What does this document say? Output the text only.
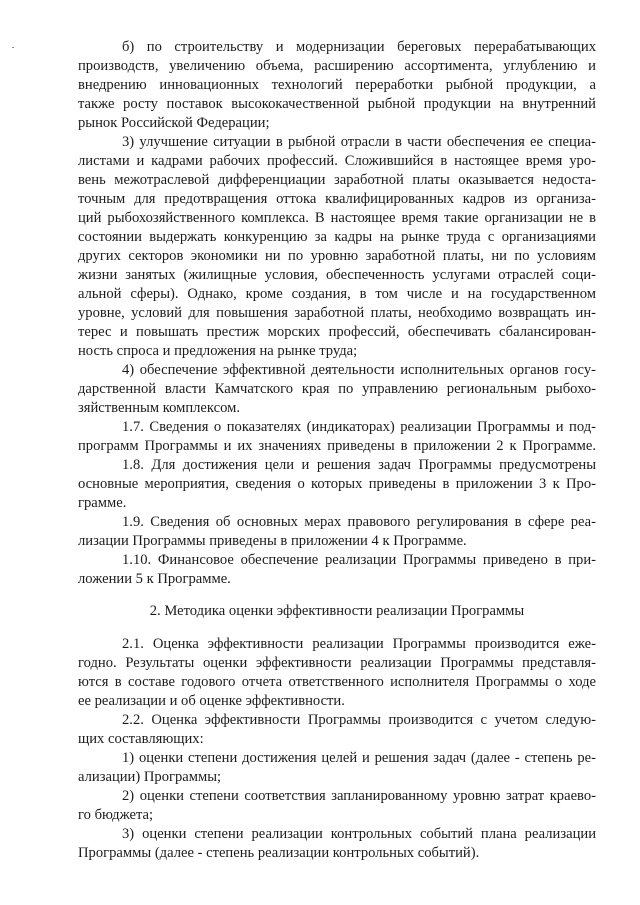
б) по строительству и модернизации береговых перерабатывающих
производств, увеличению объема, расширению ассортимента, углублению и
внедрению инновационных технологий переработки рыбной продукции, а
также росту поставок высококачественной рыбной продукции на внутренний
рынок Российской Федерации;
3) улучшение ситуации в рыбной отрасли в части обеспечения ее специа-
листами и кадрами рабочих профессий. Сложившийся в настоящее время уро-
вень межотраслевой дифференциации заработной платы оказывается недоста-
точным для предотвращения оттока квалифицированных кадров из организа-
ций рыбохозяйственного комплекса. В настоящее время такие организации не в
состоянии выдержать конкуренцию за кадры на рынке труда с организациями
других секторов экономики ни по уровню заработной платы, ни по условиям
жизни занятых (жилищные условия, обеспеченность услугами отраслей соци-
альной сферы). Однако, кроме создания, в том числе и на государственном
уровне, условий для повышения заработной платы, необходимо возвращать ин-
терес и повышать престиж морских профессий, обеспечивать сбалансирован-
ность спроса и предложения на рынке труда;
4) обеспечение эффективной деятельности исполнительных органов госу-
дарственной власти Камчатского края по управлению региональным рыбохо-
зяйственным комплексом.
1.7. Сведения о показателях (индикаторах) реализации Программы и под-
программ Программы и их значениях приведены в приложении 2 к Программе.
1.8. Для достижения цели и решения задач Программы предусмотрены
основные мероприятия, сведения о которых приведены в приложении 3 к Про-
грамме.
1.9. Сведения об основных мерах правового регулирования в сфере реа-
лизации Программы приведены в приложении 4 к Программе.
1.10. Финансовое обеспечение реализации Программы приведено в при-
ложении 5 к Программе.
2. Методика оценки эффективности реализации Программы
2.1. Оценка эффективности реализации Программы производится еже-
годно. Результаты оценки эффективности реализации Программы представля-
ются в составе годового отчета ответственного исполнителя Программы о ходе
ее реализации и об оценке эффективности.
2.2. Оценка эффективности Программы производится с учетом следую-
щих составляющих:
1) оценки степени достижения целей и решения задач (далее - степень ре-
ализации) Программы;
2) оценки степени соответствия запланированному уровню затрат краево-
го бюджета;
3) оценки степени реализации контрольных событий плана реализации
Программы (далее - степень реализации контрольных событий).
